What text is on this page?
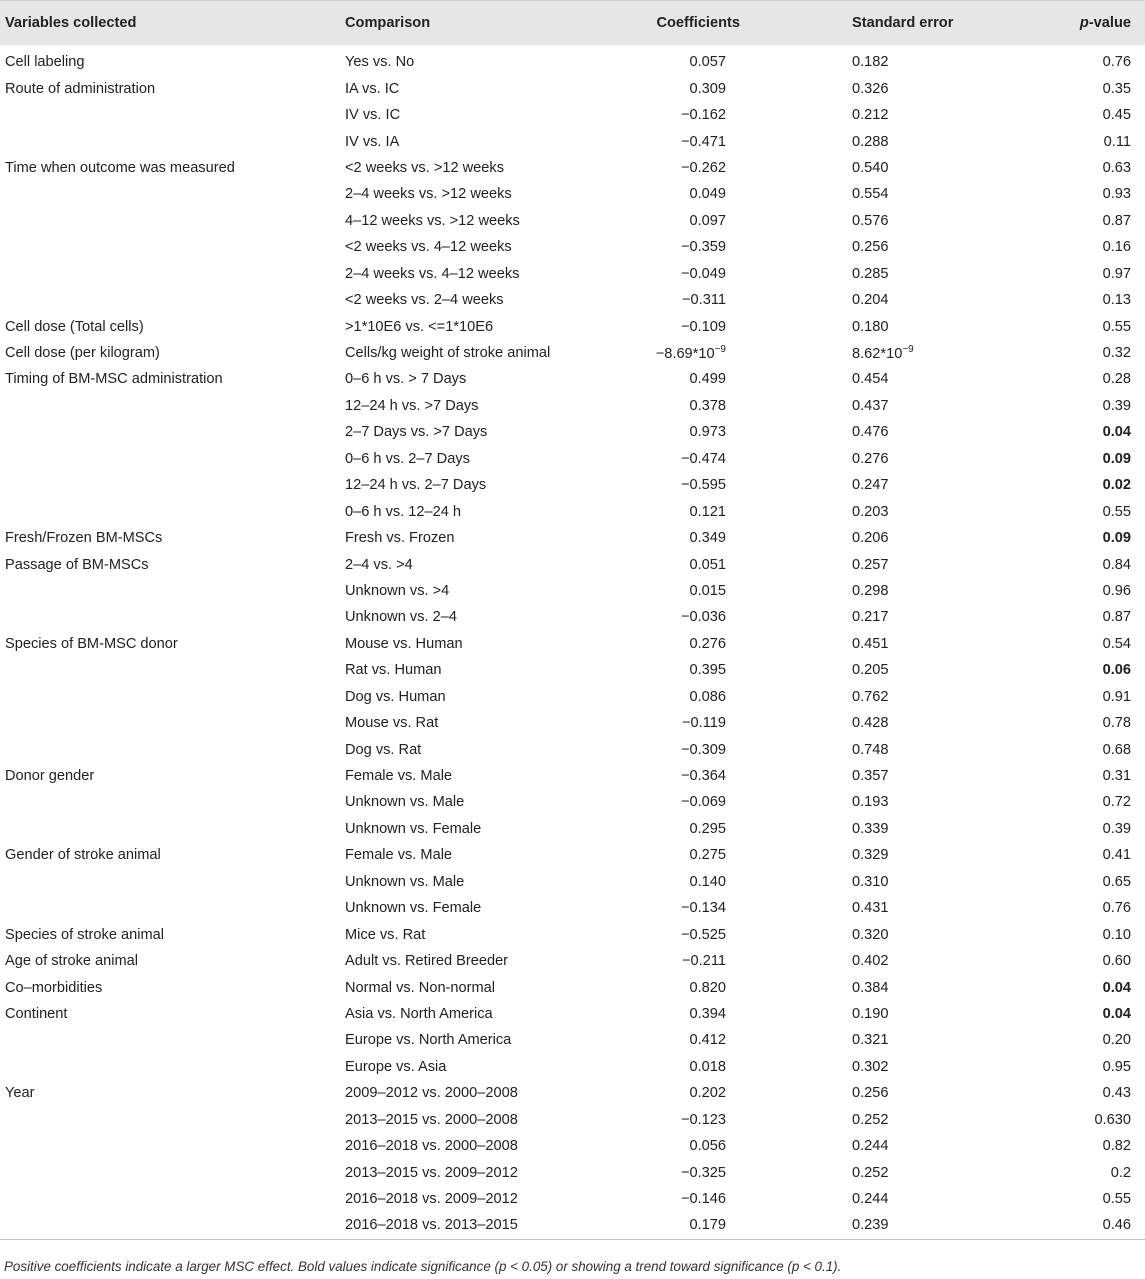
Variables collected	Comparison	Coefficients	Standard error	p-value
Cell labeling	Yes vs. No	0.057	0.182	0.76
Route of administration	IA vs. IC	0.309	0.326	0.35
	IV vs. IC	−0.162	0.212	0.45
	IV vs. IA	−0.471	0.288	0.11
Time when outcome was measured	<2 weeks vs. >12 weeks	−0.262	0.540	0.63
	2–4 weeks vs. >12 weeks	0.049	0.554	0.93
	4–12 weeks vs. >12 weeks	0.097	0.576	0.87
	<2 weeks vs. 4–12 weeks	−0.359	0.256	0.16
	2–4 weeks vs. 4–12 weeks	−0.049	0.285	0.97
	<2 weeks vs. 2–4 weeks	−0.311	0.204	0.13
Cell dose (Total cells)	>1*10E6 vs. <=1*10E6	−0.109	0.180	0.55
Cell dose (per kilogram)	Cells/kg weight of stroke animal	$-8.69*10^{-9}$	$8.62*10^{-9}$	0.32
Timing of BM-MSC administration	0–6 h vs. > 7 Days	0.499	0.454	0.28
	12–24 h vs. >7 Days	0.378	0.437	0.39
	2–7 Days vs. >7 Days	0.973	0.476	0.04
	0–6 h vs. 2–7 Days	−0.474	0.276	0.09
	12–24 h vs. 2–7 Days	−0.595	0.247	0.02
	0–6 h vs. 12–24 h	0.121	0.203	0.55
Fresh/Frozen BM-MSCs	Fresh vs. Frozen	0.349	0.206	0.09
Passage of BM-MSCs	2–4 vs. >4	0.051	0.257	0.84
	Unknown vs. >4	0.015	0.298	0.96
	Unknown vs. 2–4	−0.036	0.217	0.87
Species of BM-MSC donor	Mouse vs. Human	0.276	0.451	0.54
	Rat vs. Human	0.395	0.205	0.06
	Dog vs. Human	0.086	0.762	0.91
	Mouse vs. Rat	−0.119	0.428	0.78
	Dog vs. Rat	−0.309	0.748	0.68
Donor gender	Female vs. Male	−0.364	0.357	0.31
	Unknown vs. Male	−0.069	0.193	0.72
	Unknown vs. Female	0.295	0.339	0.39
Gender of stroke animal	Female vs. Male	0.275	0.329	0.41
	Unknown vs. Male	0.140	0.310	0.65
	Unknown vs. Female	−0.134	0.431	0.76
Species of stroke animal	Mice vs. Rat	−0.525	0.320	0.10
Age of stroke animal	Adult vs. Retired Breeder	−0.211	0.402	0.60
Co–morbidities	Normal vs. Non-normal	0.820	0.384	0.04
Continent	Asia vs. North America	0.394	0.190	0.04
	Europe vs. North America	0.412	0.321	0.20
	Europe vs. Asia	0.018	0.302	0.95
Year	2009–2012 vs. 2000–2008	0.202	0.256	0.43
	2013–2015 vs. 2000–2008	−0.123	0.252	0.630
	2016–2018 vs. 2000–2008	0.056	0.244	0.82
	2013–2015 vs. 2009–2012	−0.325	0.252	0.2
	2016–2018 vs. 2009–2012	−0.146	0.244	0.55
	2016–2018 vs. 2013–2015	0.179	0.239	0.46
Positive coefficients indicate a larger MSC effect. Bold values indicate significance (p < 0.05) or showing a trend toward significance (p < 0.1).
